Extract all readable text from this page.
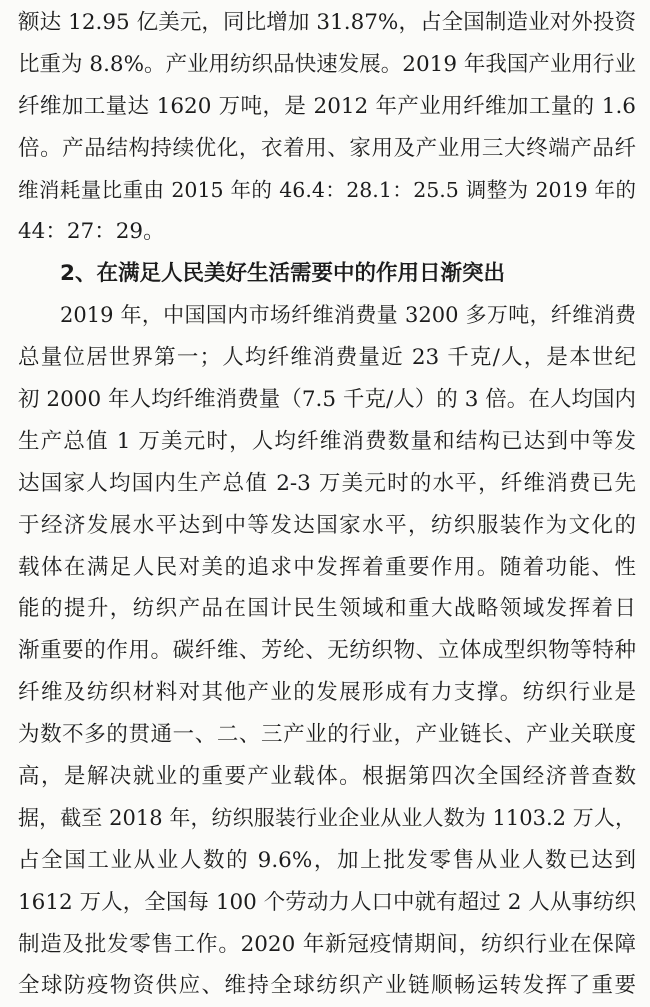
额达 12.95 亿美元，同比增加 31.87%，占全国制造业对外投资
比重为 8.8%。产业用纺织品快速发展。2019 年我国产业用行业
纤维加工量达 1620 万吨，是 2012 年产业用纤维加工量的 1.6
倍。产品结构持续优化，衣着用、家用及产业用三大终端产品纤
维消耗量比重由 2015 年的 46.4：28.1：25.5 调整为 2019 年的
44：27：29。
2、在满足人民美好生活需要中的作用日渐突出
2019 年，中国国内市场纤维消费量 3200 多万吨，纤维消费
总量位居世界第一；人均纤维消费量近 23 千克/人，是本世纪
初 2000 年人均纤维消费量（7.5 千克/人）的 3 倍。在人均国内
生产总值 1 万美元时，人均纤维消费数量和结构已达到中等发
达国家人均国内生产总值 2-3 万美元时的水平，纤维消费已先
于经济发展水平达到中等发达国家水平，纺织服装作为文化的
载体在满足人民对美的追求中发挥着重要作用。随着功能、性
能的提升，纺织产品在国计民生领域和重大战略领域发挥着日
渐重要的作用。碳纤维、芳纶、无纺织物、立体成型织物等特种
纤维及纺织材料对其他产业的发展形成有力支撑。纺织行业是
为数不多的贯通一、二、三产业的行业，产业链长、产业关联度
高，是解决就业的重要产业载体。根据第四次全国经济普查数
据，截至 2018 年，纺织服装行业企业从业人数为 1103.2 万人，
占全国工业从业人数的 9.6%，加上批发零售从业人数已达到
1612 万人，全国每 100 个劳动力人口中就有超过 2 人从事纺织
制造及批发零售工作。2020 年新冠疫情期间，纺织行业在保障
全球防疫物资供应、维持全球纺织产业链顺畅运转发挥了重要
